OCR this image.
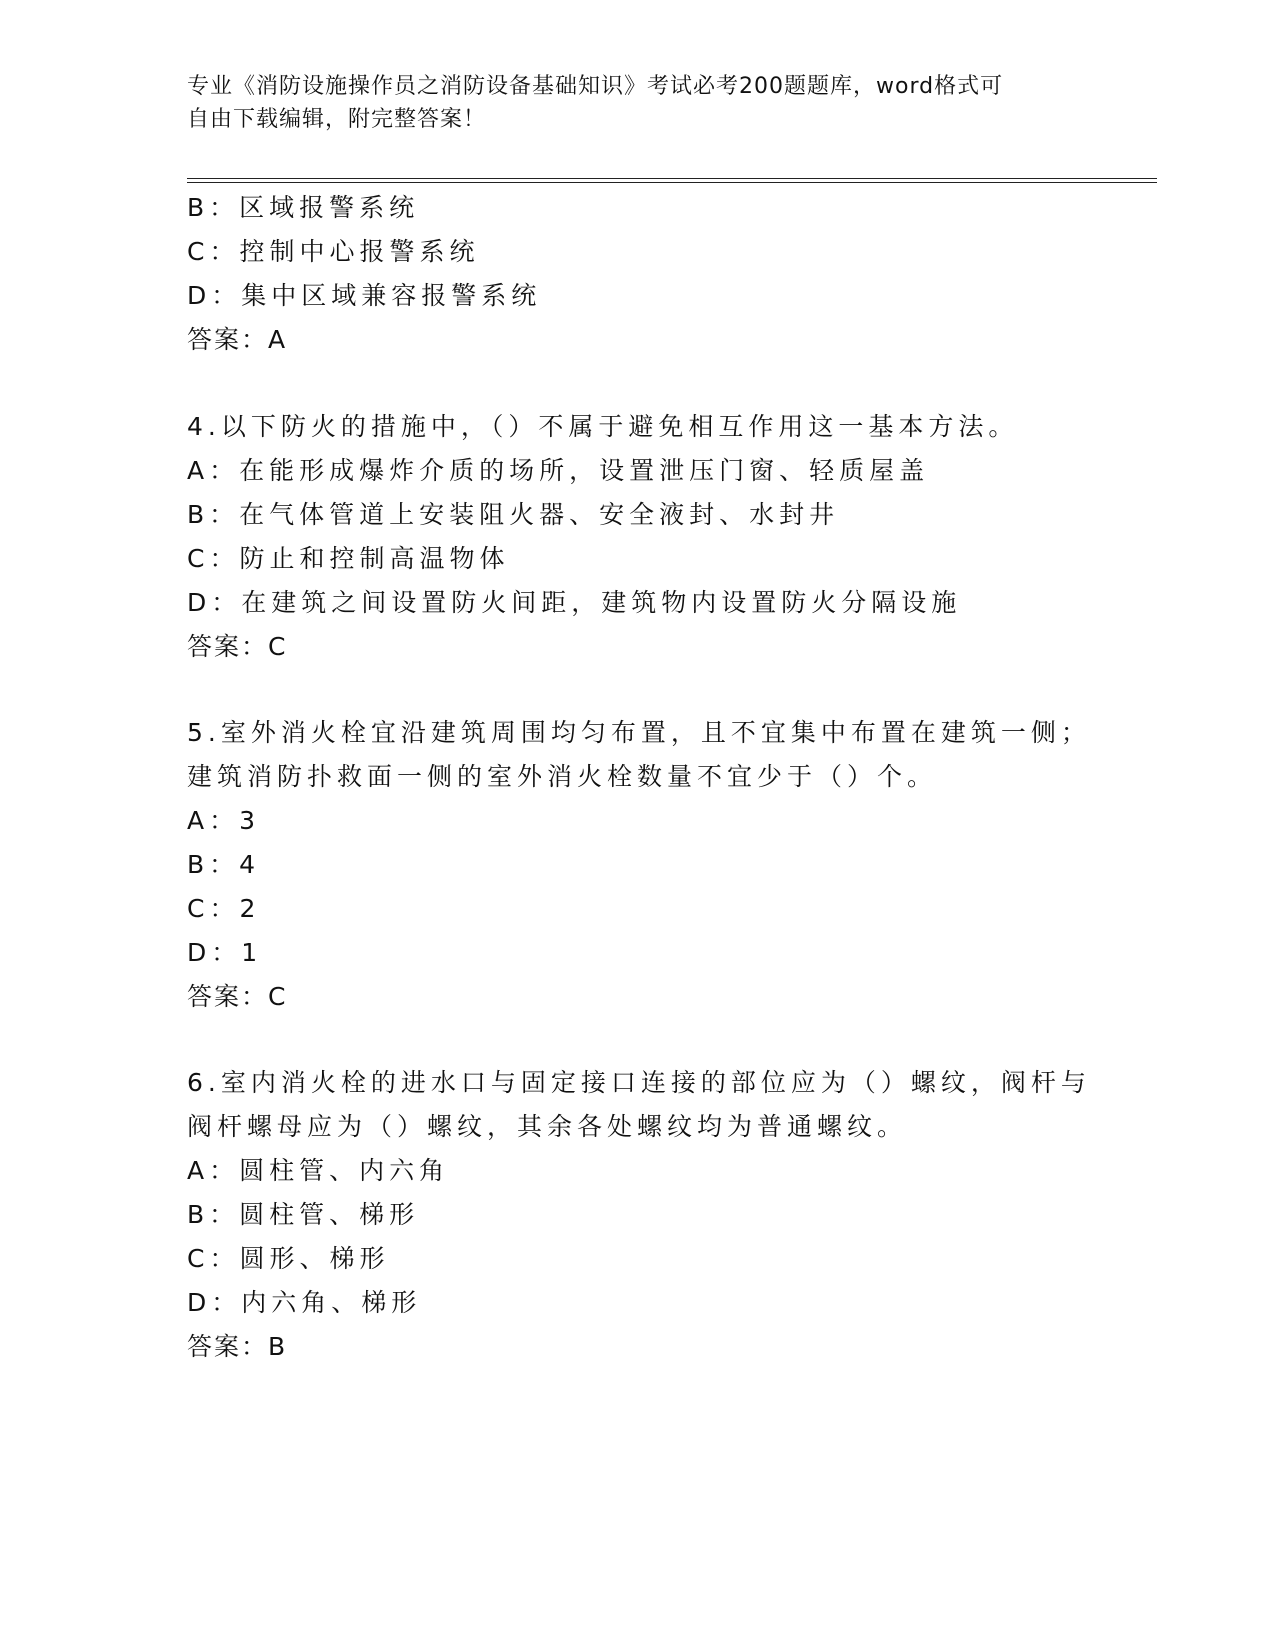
专业《消防设施操作员之消防设备基础知识》考试必考200题题库，word格式可
自由下载编辑，附完整答案！
B：区域报警系统
C：控制中心报警系统
D：集中区域兼容报警系统
答案：A
4.以下防火的措施中，（）不属于避免相互作用这一基本方法。
A：在能形成爆炸介质的场所，设置泄压门窗、轻质屋盖
B：在气体管道上安装阻火器、安全液封、水封井
C：防止和控制高温物体
D：在建筑之间设置防火间距，建筑物内设置防火分隔设施
答案：C
5.室外消火栓宜沿建筑周围均匀布置，且不宜集中布置在建筑一侧；
建筑消防扑救面一侧的室外消火栓数量不宜少于（）个。
A：3
B：4
C：2
D：1
答案：C
6.室内消火栓的进水口与固定接口连接的部位应为（）螺纹，阀杆与
阀杆螺母应为（）螺纹，其余各处螺纹均为普通螺纹。
A：圆柱管、内六角
B：圆柱管、梯形
C：圆形、梯形
D：内六角、梯形
答案：B
